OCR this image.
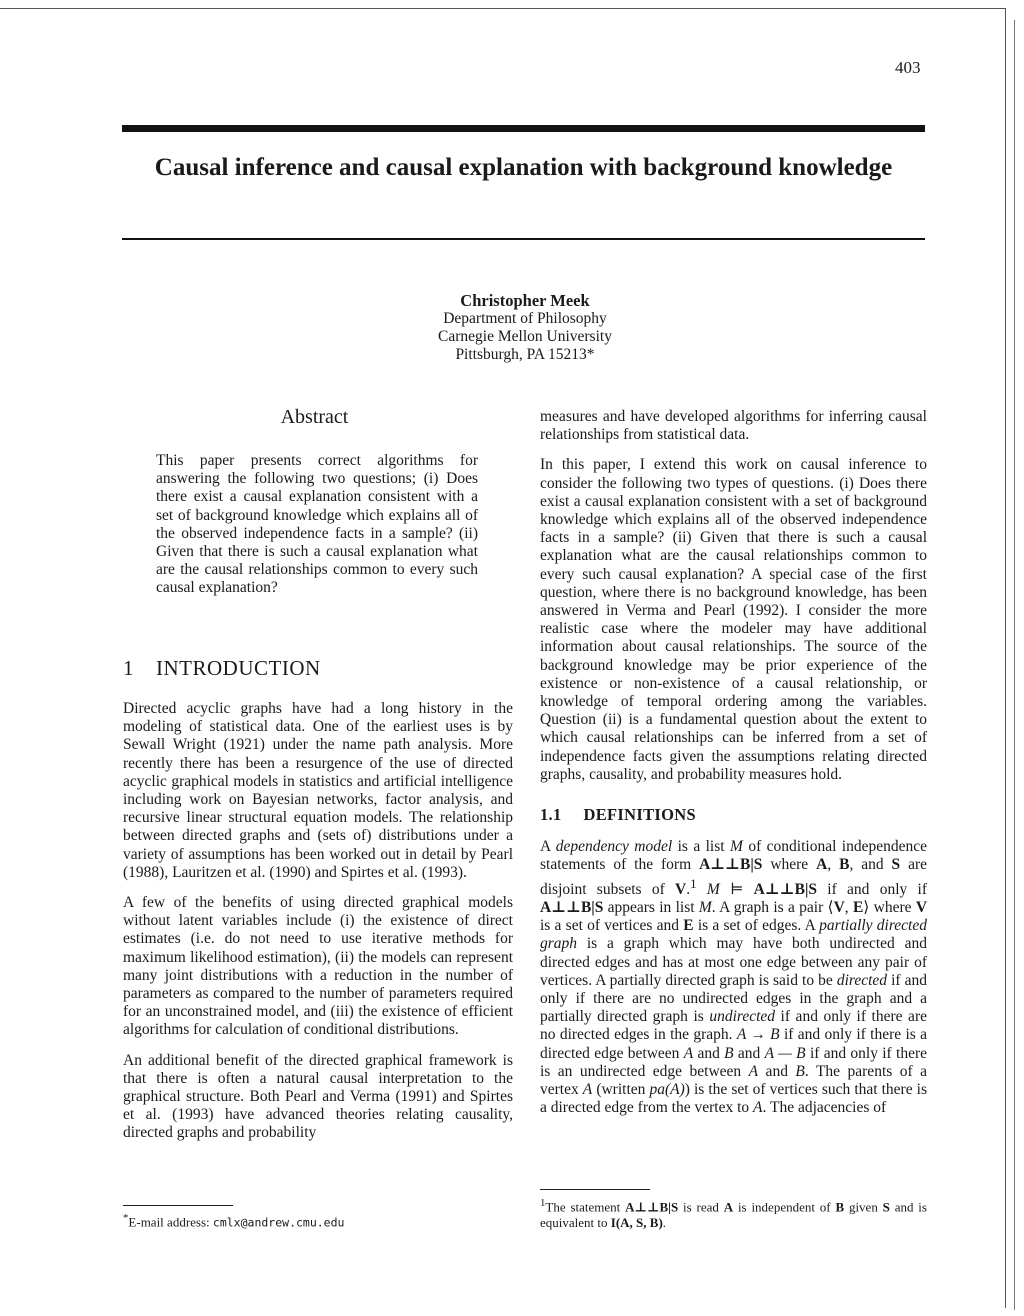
403
Causal inference and causal explanation with background knowledge
Christopher Meek
Department of Philosophy
Carnegie Mellon University
Pittsburgh, PA 15213*
Abstract

This paper presents correct algorithms for answering the following two questions; (i) Does there exist a causal explanation consistent with a set of background knowledge which explains all of the observed independence facts in a sample? (ii) Given that there is such a causal explanation what are the causal relationships common to every such causal explanation?

1 INTRODUCTION

Directed acyclic graphs have had a long history in the modeling of statistical data. One of the earliest uses is by Sewall Wright (1921) under the name path analysis. More recently there has been a resurgence of the use of directed acyclic graphical models in statistics and artificial intelligence including work on Bayesian networks, factor analysis, and recursive linear structural equation models. The relationship between directed graphs and (sets of) distributions under a variety of assumptions has been worked out in detail by Pearl (1988), Lauritzen et al. (1990) and Spirtes et al. (1993).

A few of the benefits of using directed graphical models without latent variables include (i) the existence of direct estimates (i.e. do not need to use iterative methods for maximum likelihood estimation), (ii) the models can represent many joint distributions with a reduction in the number of parameters as compared to the number of parameters required for an unconstrained model, and (iii) the existence of efficient algorithms for calculation of conditional distributions.

An additional benefit of the directed graphical framework is that there is often a natural causal interpretation to the graphical structure. Both Pearl and Verma (1991) and Spirtes et al. (1993) have advanced theories relating causality, directed graphs and probability

measures and have developed algorithms for inferring causal relationships from statistical data.

In this paper, I extend this work on causal inference to consider the following two types of questions. (i) Does there exist a causal explanation consistent with a set of background knowledge which explains all of the observed independence facts in a sample? (ii) Given that there is such a causal explanation what are the causal relationships common to every such causal explanation? A special case of the first question, where there is no background knowledge, has been answered in Verma and Pearl (1992). I consider the more realistic case where the modeler may have additional information about causal relationships. The source of the background knowledge may be prior experience of the existence or non-existence of a causal relationship, or knowledge of temporal ordering among the variables. Question (ii) is a fundamental question about the extent to which causal relationships can be inferred from a set of independence facts given the assumptions relating directed graphs, causality, and probability measures hold.

1.1 DEFINITIONS

A dependency model is a list M of conditional independence statements of the form A⊥⊥B|S where A, B, and S are disjoint subsets of V.$^1$ M ⊨ A⊥⊥B|S if and only if A⊥⊥B|S appears in list M. A graph is a pair ⟨V, E⟩ where V is a set of vertices and E is a set of edges. A partially directed graph is a graph which may have both undirected and directed edges and has at most one edge between any pair of vertices. A partially directed graph is said to be directed if and only if there are no undirected edges in the graph and a partially directed graph is undirected if and only if there are no directed edges in the graph. A → B if and only if there is a directed edge between A and B and A — B if and only if there is an undirected edge between A and B. The parents of a vertex A (written pa(A)) is the set of vertices such that there is a directed edge from the vertex to A. The adjacencies of

*E-mail address: cmlx@andrew.cmu.edu
$^1$The statement A⊥⊥B|S is read A is independent of B given S and is equivalent to I(A, S, B).
